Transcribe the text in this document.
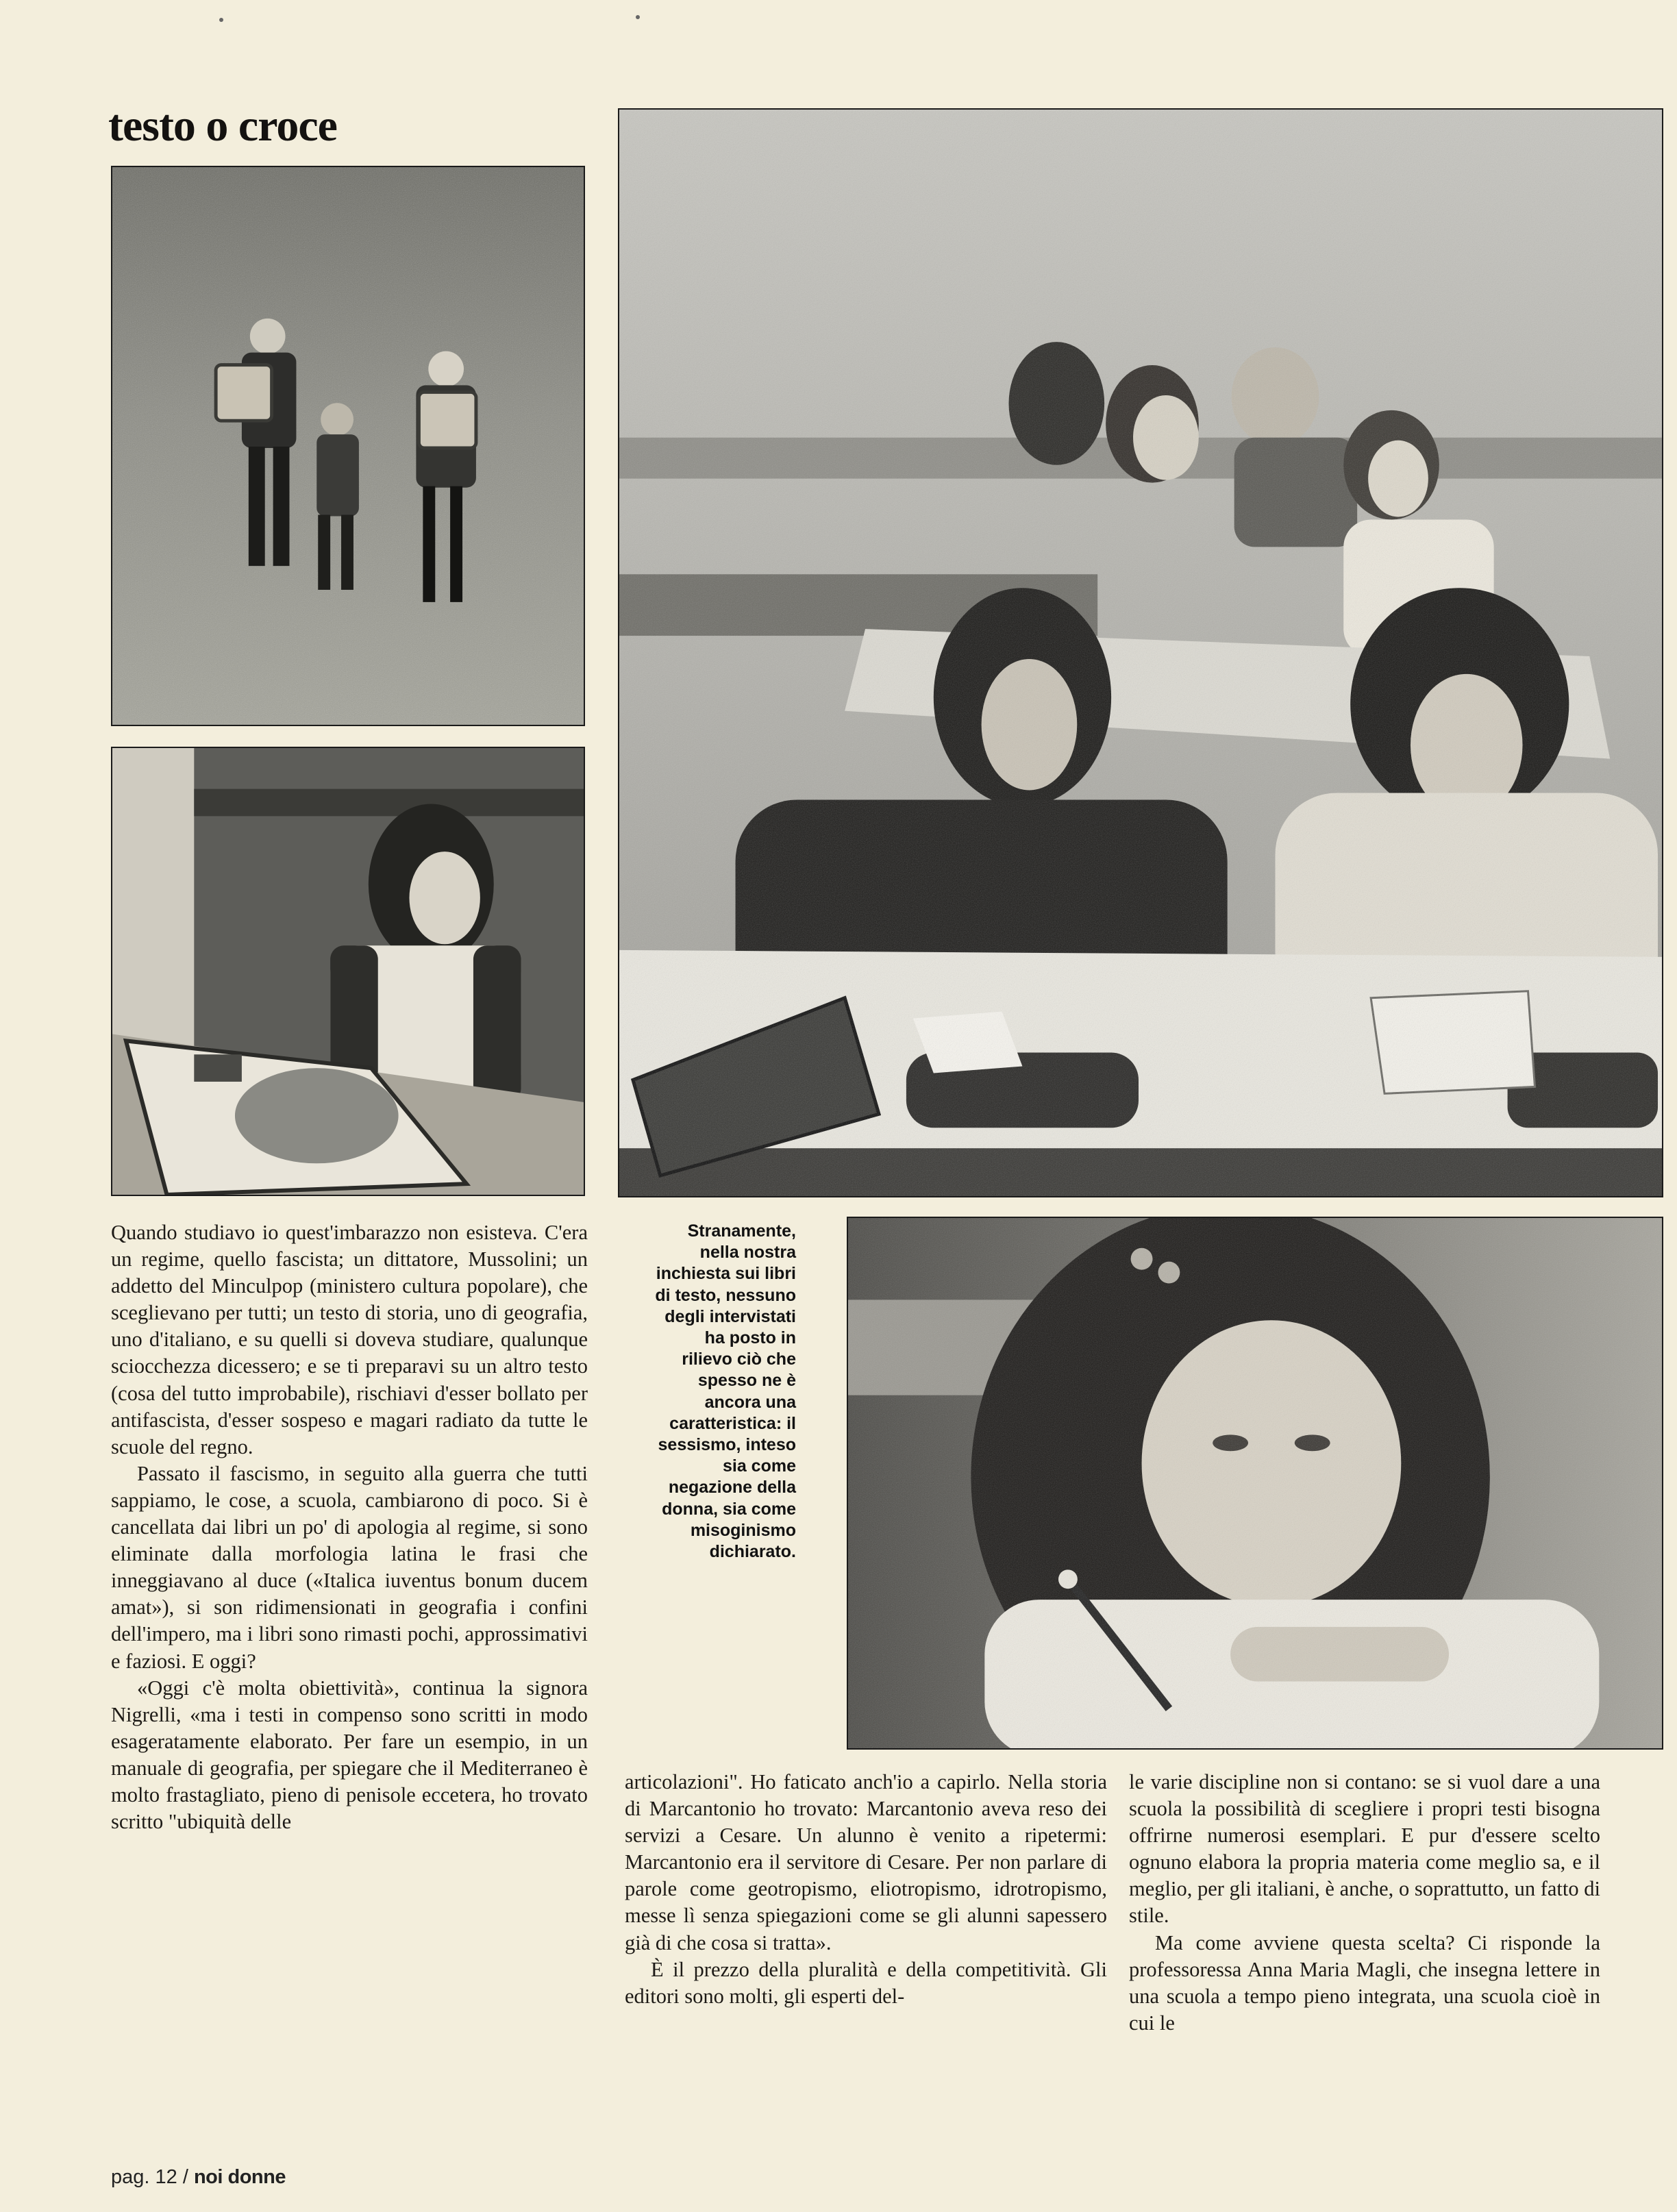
testo o croce
Stranamente,
nella nostra
inchiesta sui libri
di testo, nessuno
degli intervistati
ha posto in
rilievo ciò che
spesso ne è
ancora una
caratteristica: il
sessismo, inteso
sia come
negazione della
donna, sia come
misoginismo
dichiarato.

Quando studiavo io quest'imbarazzo non esisteva. C'era un regime, quello fascista; un dittatore, Mussolini; un addetto del Minculpop (ministero cultura popolare), che sceglievano per tutti; un testo di storia, uno di geografia, uno d'italiano, e su quelli si doveva studiare, qualunque sciocchezza dicessero; e se ti preparavi su un altro testo (cosa del tutto improbabile), rischiavi d'esser bollato per antifascista, d'esser sospeso e magari radiato da tutte le scuole del regno.

Passato il fascismo, in seguito alla guerra che tutti sappiamo, le cose, a scuola, cambiarono di poco. Si è cancellata dai libri un po' di apologia al regime, si sono eliminate dalla morfologia latina le frasi che inneggiavano al duce («Italica iuventus bonum ducem amat»), si son ridimensionati in geografia i confini dell'impero, ma i libri sono rimasti pochi, approssimativi e faziosi. E oggi?

«Oggi c'è molta obiettività», continua la signora Nigrelli, «ma i testi in compenso sono scritti in modo esageratamente elaborato. Per fare un esempio, in un manuale di geografia, per spiegare che il Mediterraneo è molto frastagliato, pieno di penisole eccetera, ho trovato scritto "ubiquità delle

articolazioni". Ho faticato anch'io a capirlo. Nella storia di Marcantonio ho trovato: Marcantonio aveva reso dei servizi a Cesare. Un alunno è venito a ripetermi: Marcantonio era il servitore di Cesare. Per non parlare di parole come geotropismo, eliotropismo, idrotropismo, messe lì senza spiegazioni come se gli alunni sapessero già di che cosa si tratta».

È il prezzo della pluralità e della competitività. Gli editori sono molti, gli esperti del-

le varie discipline non si contano: se si vuol dare a una scuola la possibilità di scegliere i propri testi bisogna offrirne numerosi esemplari. E pur d'essere scelto ognuno elabora la propria materia come meglio sa, e il meglio, per gli italiani, è anche, o soprattutto, un fatto di stile.

Ma come avviene questa scelta? Ci risponde la professoressa Anna Maria Magli, che insegna lettere in una scuola a tempo pieno integrata, una scuola cioè in cui le

pag. 12 / noi donne
